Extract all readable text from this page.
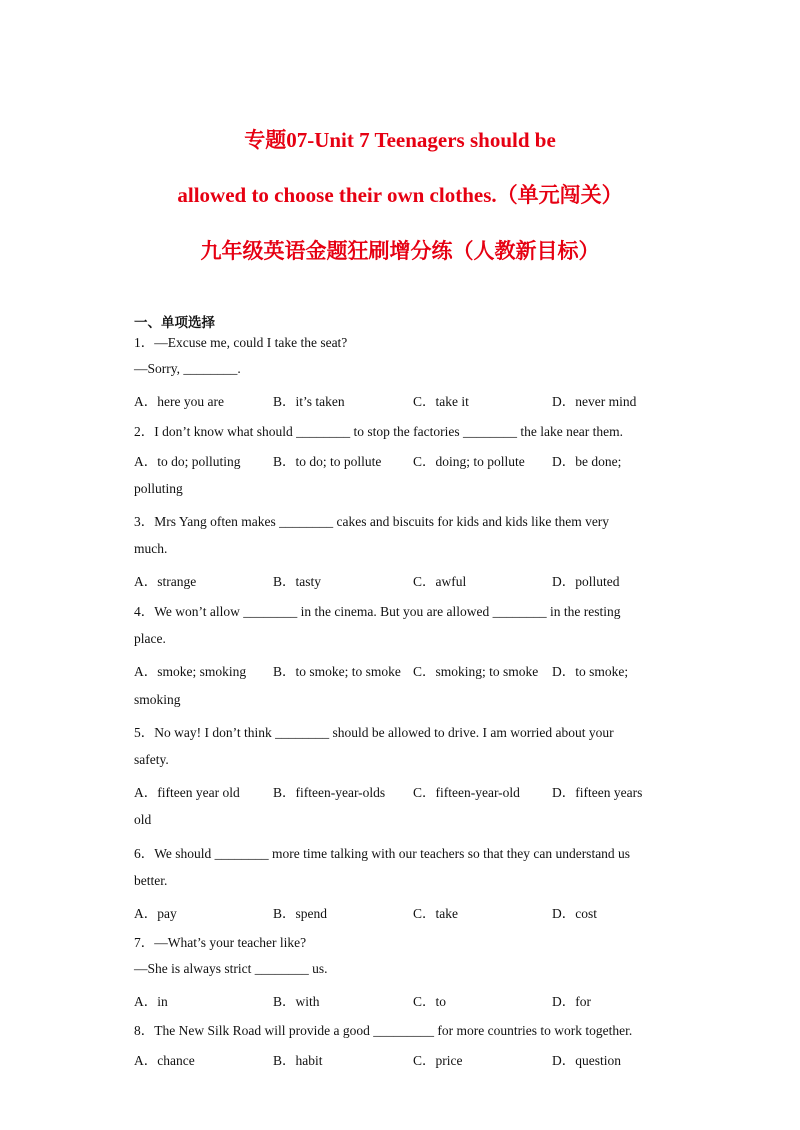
专题07-Unit 7 Teenagers should be
allowed to choose their own clothes.（单元闯关）
九年级英语金题狂刷增分练（人教新目标）
一、单项选择
1．—Excuse me, could I take the seat?
—Sorry, ________.
A．here you are	B．it’s taken	C．take it	D．never mind
2．I don’t know what should ________ to stop the factories ________ the lake near them.
A．to do; polluting B．to do; to pollute C．doing; to pollute D．be done;
polluting
3．Mrs Yang often makes ________ cakes and biscuits for kids and kids like them very
much.
A．strange	B．tasty	C．awful	D．polluted
4．We won’t allow ________ in the cinema. But you are allowed ________ in the resting
place.
A．smoke; smoking B．to smoke; to smoke C．smoking; to smoke D．to smoke;
smoking
5．No way! I don’t think ________ should be allowed to drive. I am worried about your
safety.
A．fifteen year old B．fifteen-year-olds C．fifteen-year-old D．fifteen years
old
6．We should ________ more time talking with our teachers so that they can understand us
better.
A．pay	B．spend	C．take	D．cost
7．—What’s your teacher like?
—She is always strict ________ us.
A．in	B．with	C．to	D．for
8．The New Silk Road will provide a good _________ for more countries to work together.
A．chance	B．habit	C．price	D．question
